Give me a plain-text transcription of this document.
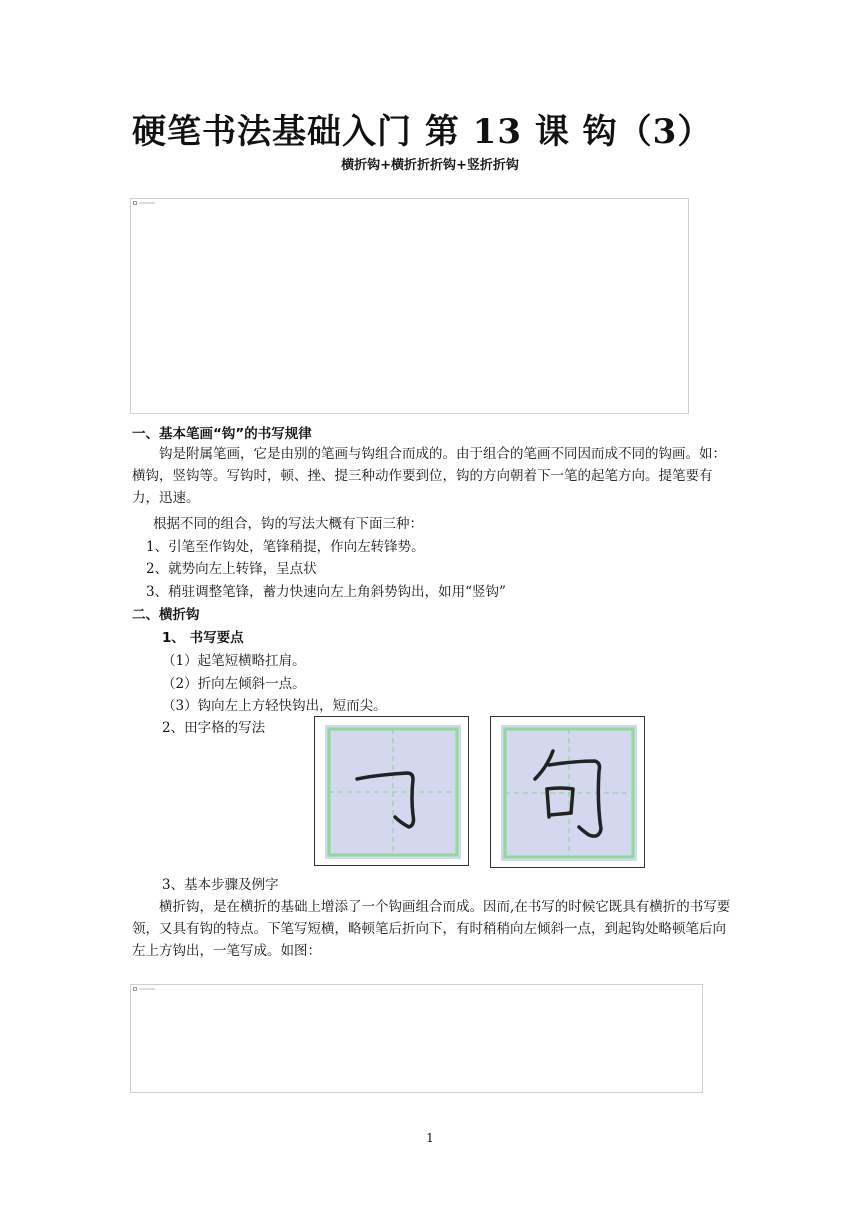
硬笔书法基础入门 第 13 课 钩（3）
横折钩+横折折折钩+竖折折钩
一、基本笔画“钩”的书写规律
钩是附属笔画，它是由别的笔画与钩组合而成的。由于组合的笔画不同因而成不同的钩画。如：横钩，竖钩等。写钩时，顿、挫、提三种动作要到位，钩的方向朝着下一笔的起笔方向。提笔要有力，迅速。
根据不同的组合，钩的写法大概有下面三种：
1、引笔至作钩处，笔锋稍提，作向左转锋势。
2、就势向左上转锋，呈点状
3、稍驻调整笔锋，蓄力快速向左上角斜势钩出，如用“竖钩”
二、横折钩
1、 书写要点
（1）起笔短横略扛肩。
（2）折向左倾斜一点。
（3）钩向左上方轻快钩出，短而尖。
2、田字格的写法
3、基本步骤及例字
横折钩，是在横折的基础上增添了一个钩画组合而成。因而,在书写的时候它既具有横折的书写要领，又具有钩的特点。下笔写短横，略顿笔后折向下，有时稍稍向左倾斜一点，到起钩处略顿笔后向左上方钩出，一笔写成。如图：
1
